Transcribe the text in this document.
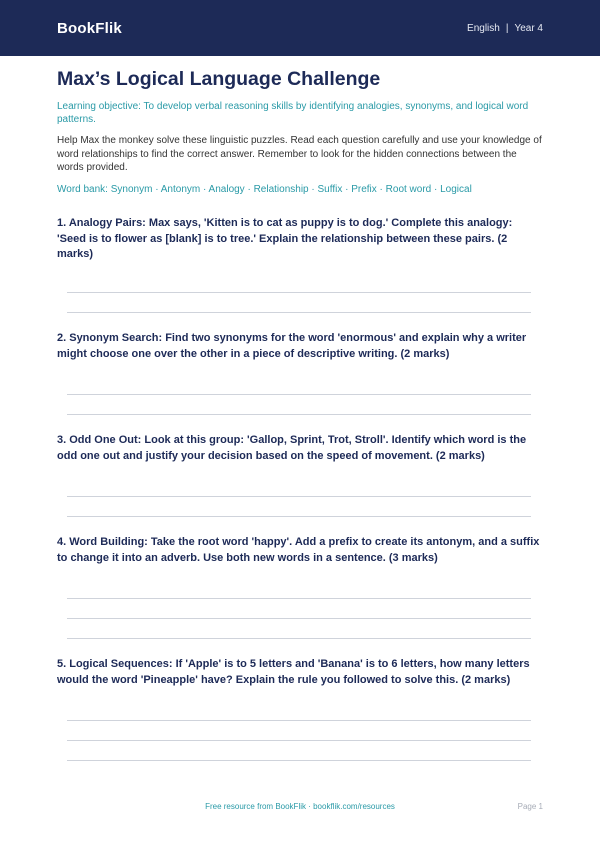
BookFlik	English | Year 4
Max’s Logical Language Challenge
Learning objective: To develop verbal reasoning skills by identifying analogies, synonyms, and logical word patterns.
Help Max the monkey solve these linguistic puzzles. Read each question carefully and use your knowledge of word relationships to find the correct answer. Remember to look for the hidden connections between the words provided.
Word bank: Synonym · Antonym · Analogy · Relationship · Suffix · Prefix · Root word · Logical
1. Analogy Pairs: Max says, 'Kitten is to cat as puppy is to dog.' Complete this analogy: 'Seed is to flower as [blank] is to tree.' Explain the relationship between these pairs. (2 marks)
2. Synonym Search: Find two synonyms for the word 'enormous' and explain why a writer might choose one over the other in a piece of descriptive writing. (2 marks)
3. Odd One Out: Look at this group: 'Gallop, Sprint, Trot, Stroll'. Identify which word is the odd one out and justify your decision based on the speed of movement. (2 marks)
4. Word Building: Take the root word 'happy'. Add a prefix to create its antonym, and a suffix to change it into an adverb. Use both new words in a sentence. (3 marks)
5. Logical Sequences: If 'Apple' is to 5 letters and 'Banana' is to 6 letters, how many letters would the word 'Pineapple' have? Explain the rule you followed to solve this. (2 marks)
Free resource from BookFlik · bookflik.com/resources	Page 1
